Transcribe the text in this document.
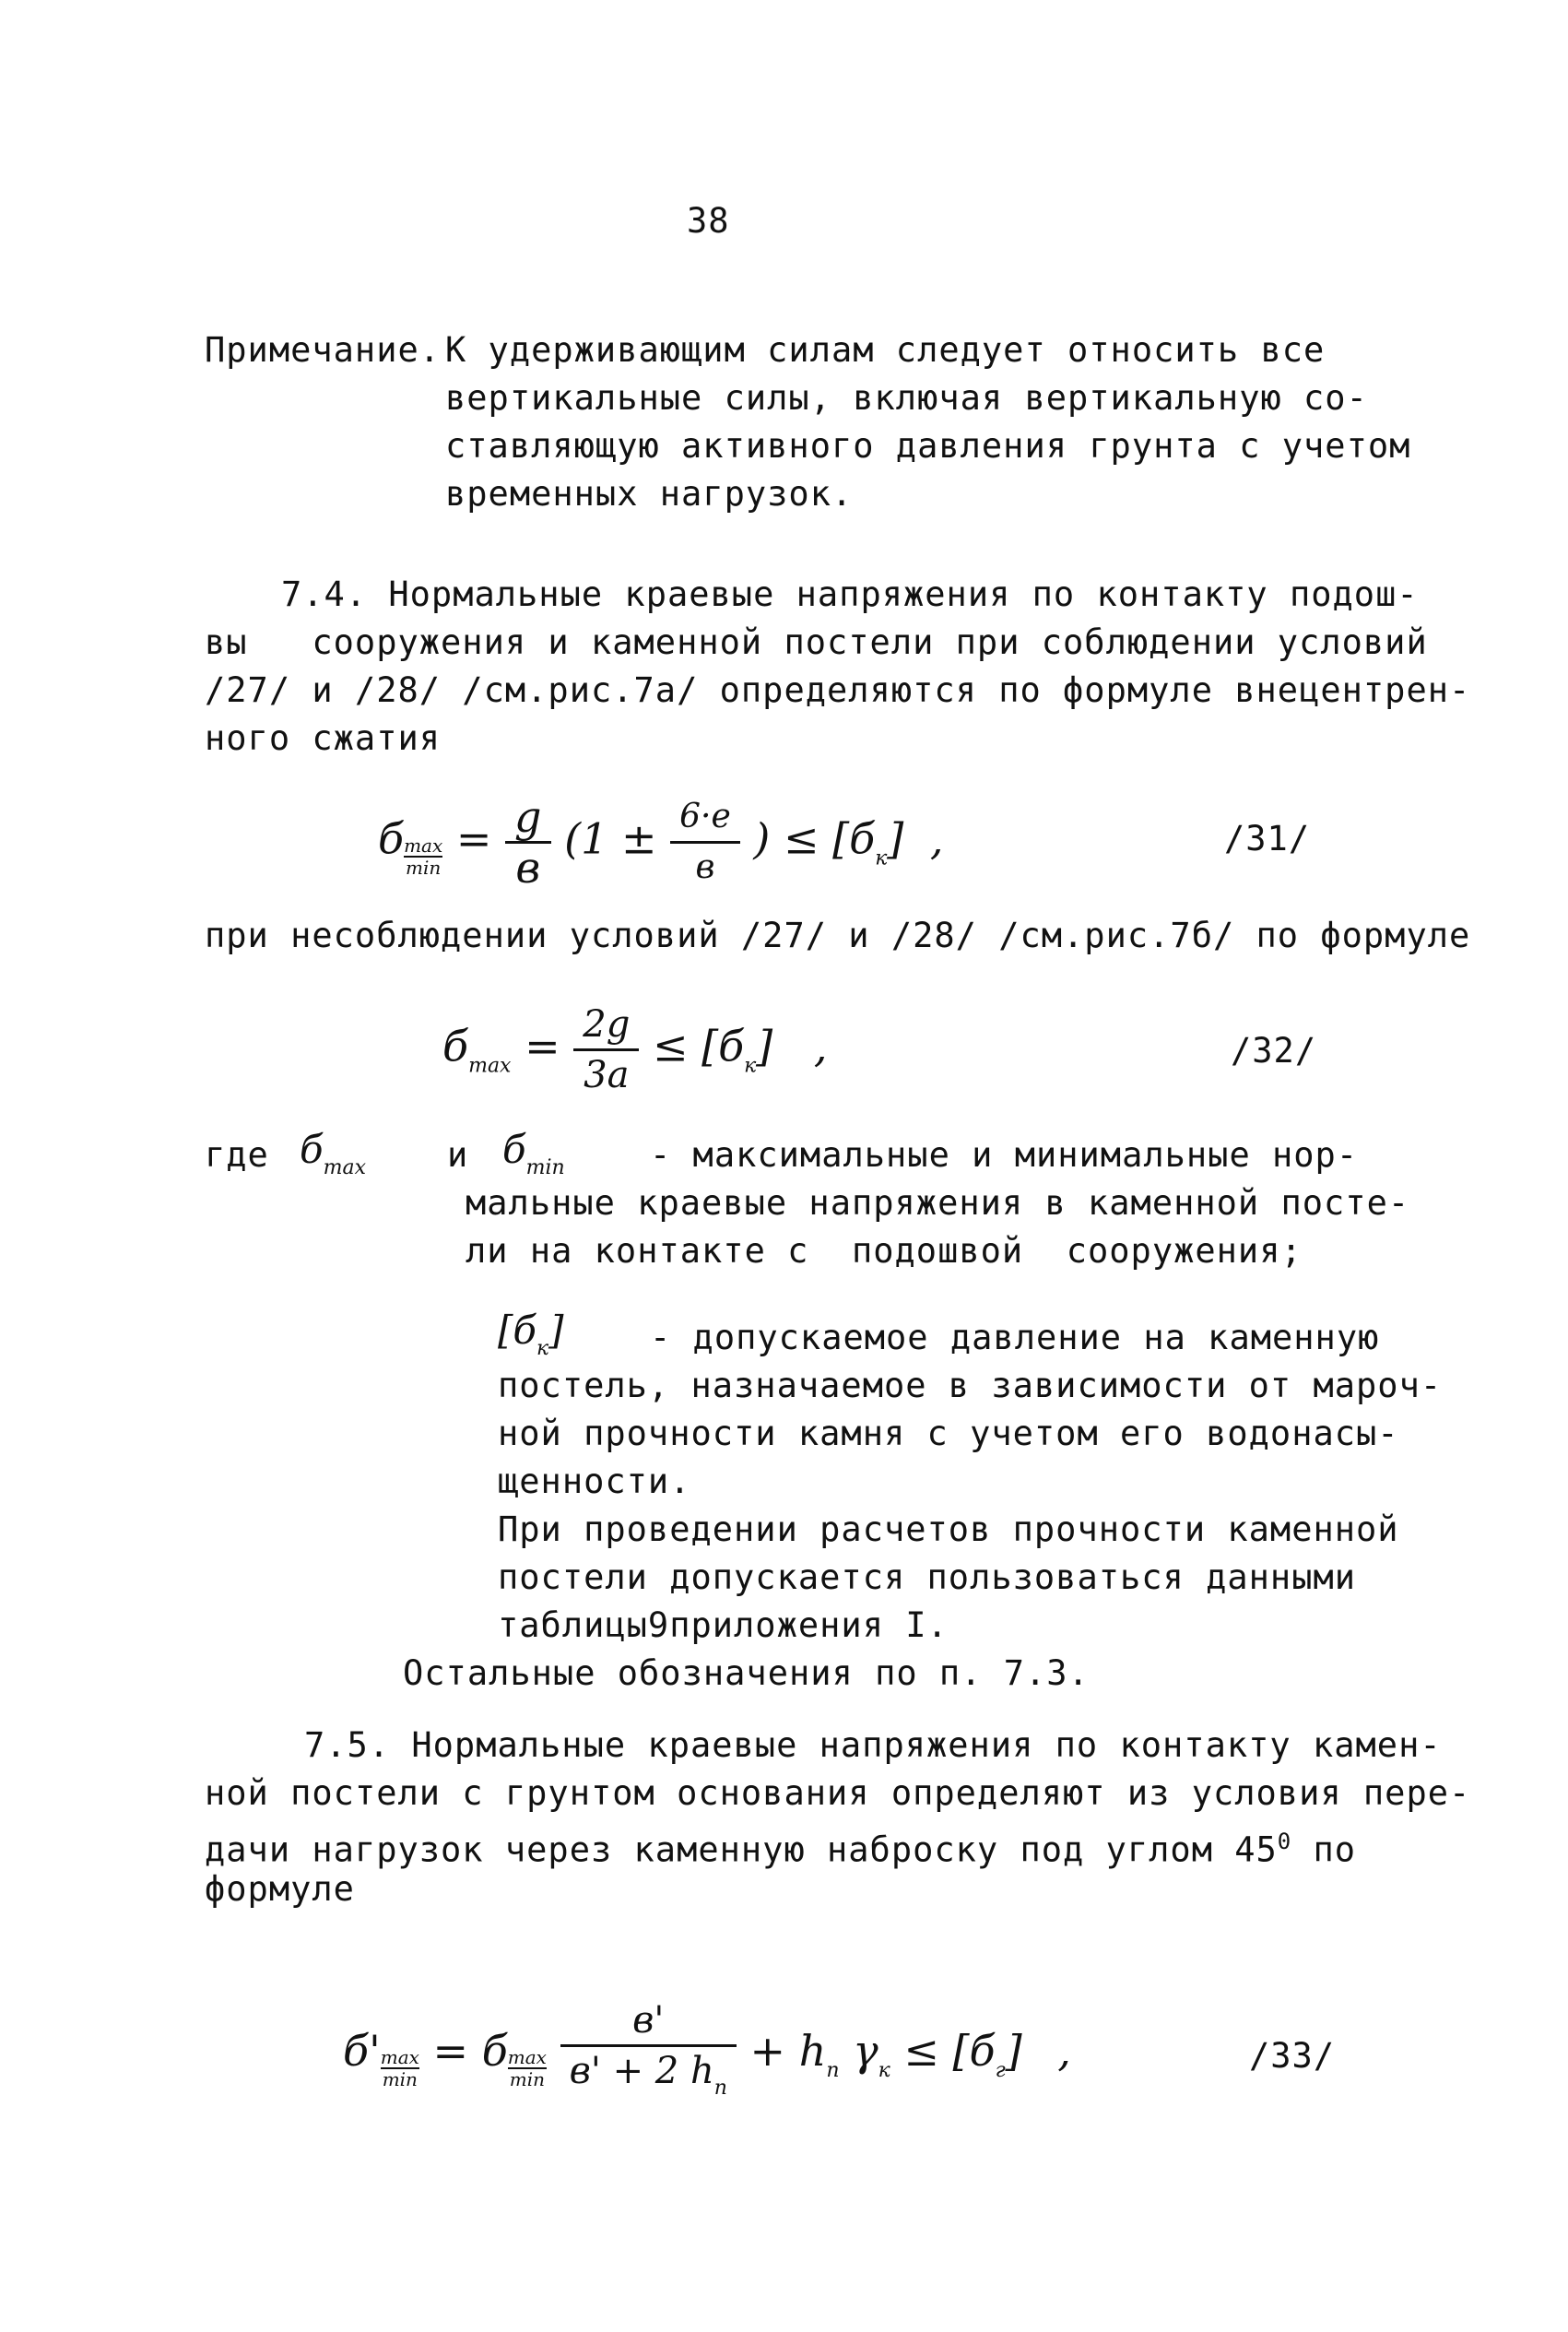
38
Примечание. К удерживающим силам следует относить все
вертикальные силы, включая вертикальную со-
ставляющую активного давления грунта с учетом
временных нагрузок.
7.4. Нормальные краевые напряжения по контакту подош-
вы   сооружения и каменной постели при соблюдении условий
/27/ и /28/ /см.рис.7а/ определяются по формуле внецентрен-
ного сжатия
б max
min
= $\frac{g}{в} (1 \pm \frac{6\cdot e}{в}$ ) ≤ $[б_к]$ ,	/31/
при несоблюдении условий /27/ и /28/ /см.рис.7б/ по формуле
$б_{max} = \frac{2g}{3a} \le [б_к]$ ,	/32/
где $б_{max}$ и $б_{min}$ - максимальные и минимальные нор-
мальные краевые напряжения в каменной посте-
ли на контакте с  подошвой  сооружения;
$[б_к]$	- допускаемое давление на каменную
постель, назначаемое в зависимости от мароч-
ной прочности камня с учетом его водонасы-
щенности.
При проведении расчетов прочности каменной
постели допускается пользоваться данными
таблицы9приложения I.
Остальные обозначения по п. 7.3.
7.5. Нормальные краевые напряжения по контакту камен-
ной постели с грунтом основания определяют из условия пере-
дачи нагрузок через каменную наброску под углом $45^0$ по
формуле
б' max
min
= б max
min
$\frac{в'}{в' + 2 h_n} + h_n$ $\gamma_к \le [б_г]$ ,	/33/
